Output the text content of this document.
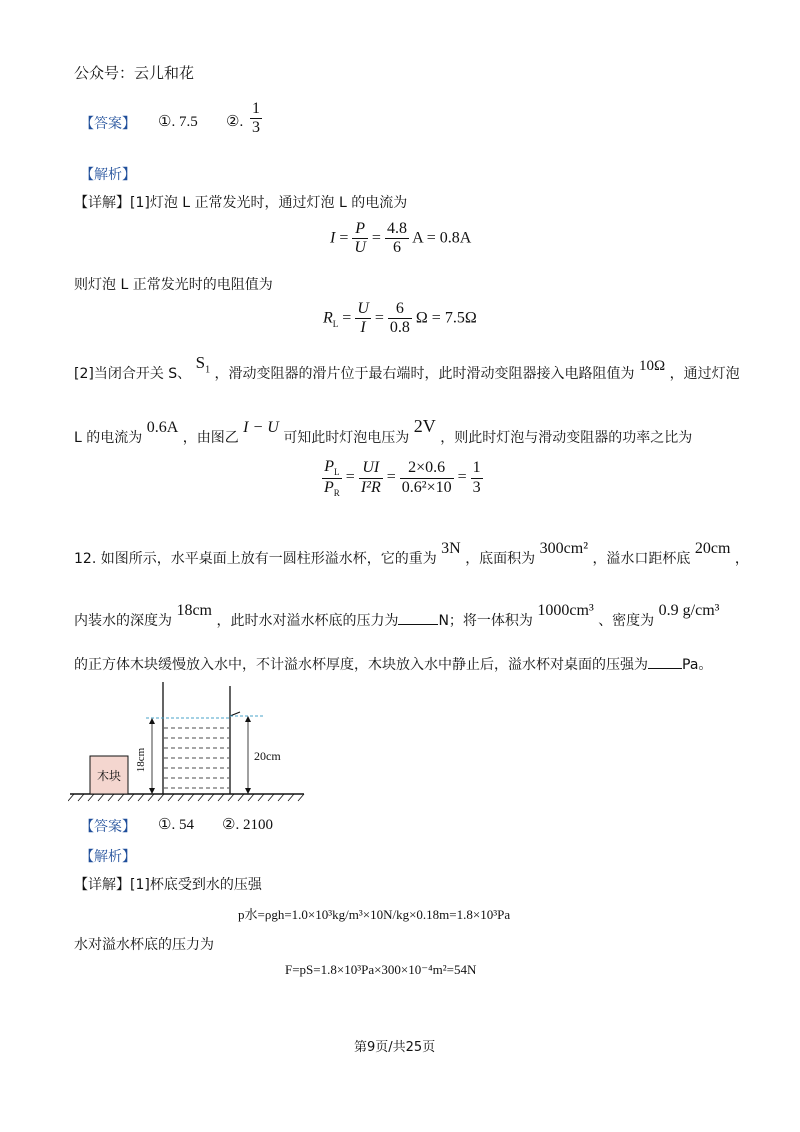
公众号：云儿和花
【答案】 ①. 7.5 ②. $\frac{1}{3}$
【解析】
【详解】[1]灯泡 L 正常发光时，通过灯泡 L 的电流为
$I = \frac{P}{U} = \frac{4.8}{6}$ A = 0.8A
则灯泡 L 正常发光时的电阻值为
$R_L = \frac{U}{I} = \frac{6}{0.8}$ Ω = 7.5Ω
[2]当闭合开关 S、 $S_1$ ，滑动变阻器的滑片位于最右端时，此时滑动变阻器接入电路阻值为 10Ω ，通过灯泡
L 的电流为 0.6A ，由图乙 I − U 可知此时灯泡电压为 2V ，则此时灯泡与滑动变阻器的功率之比为
$\frac{P_L}{P_R} = \frac{UI}{\text{I²R}} = \frac{2\times 0.6}{\text{0.6²×10}} = \frac{1}{3}$
12. 如图所示，水平桌面上放有一圆柱形溢水杯，它的重为 3N ，底面积为 300cm² ，溢水口距杯底 20cm ，
内装水的深度为 18cm ，此时水对溢水杯底的压力为	N；将一体积为 1000cm³ 、密度为 0.9 g/cm³
的正方体木块缓慢放入水中，不计溢水杯厚度，木块放入水中静止后，溢水杯对桌面的压强为 Pa。
木块
18cm	20cm
【答案】 ①. 54 ②. 2100
【解析】
【详解】[1]杯底受到水的压强
p水=ρgh=1.0×10³kg/m³×10N/kg×0.18m=1.8×10³Pa
水对溢水杯底的压力为
F=pS=1.8×10³Pa×300×10⁻⁴m²=54N
第9页/共25页
